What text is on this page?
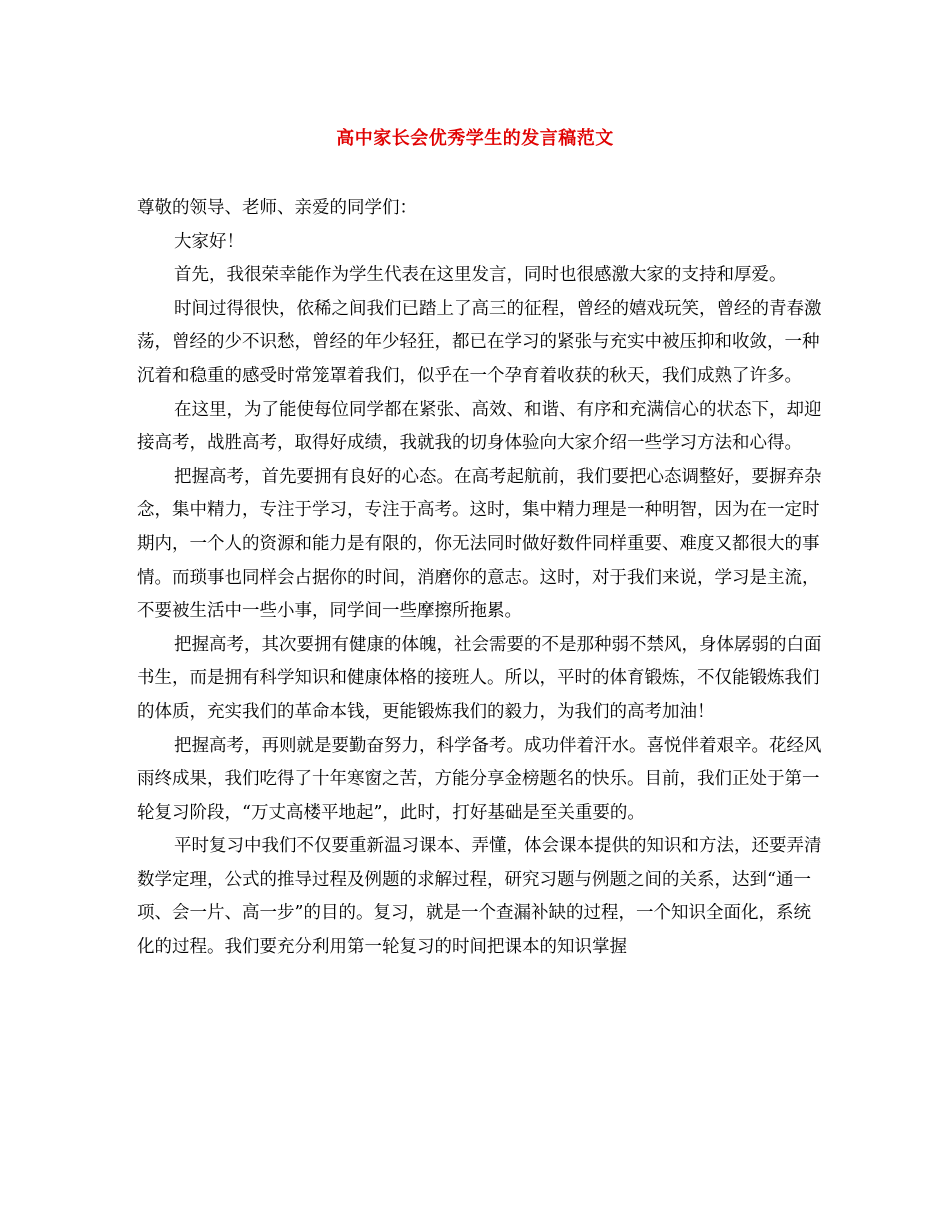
高中家长会优秀学生的发言稿范文

尊敬的领导、老师、亲爱的同学们：

大家好！

首先，我很荣幸能作为学生代表在这里发言，同时也很感激大家的支持和厚爱。

时间过得很快，依稀之间我们已踏上了高三的征程，曾经的嬉戏玩笑，曾经的青春激荡，曾经的少不识愁，曾经的年少轻狂，都已在学习的紧张与充实中被压抑和收敛，一种沉着和稳重的感受时常笼罩着我们，似乎在一个孕育着收获的秋天，我们成熟了许多。

在这里，为了能使每位同学都在紧张、高效、和谐、有序和充满信心的状态下，却迎接高考，战胜高考，取得好成绩，我就我的切身体验向大家介绍一些学习方法和心得。

把握高考，首先要拥有良好的心态。在高考起航前，我们要把心态调整好，要摒弃杂念，集中精力，专注于学习，专注于高考。这时，集中精力理是一种明智，因为在一定时期内，一个人的资源和能力是有限的，你无法同时做好数件同样重要、难度又都很大的事情。而琐事也同样会占据你的时间，消磨你的意志。这时，对于我们来说，学习是主流，不要被生活中一些小事，同学间一些摩擦所拖累。

把握高考，其次要拥有健康的体魄，社会需要的不是那种弱不禁风，身体孱弱的白面书生，而是拥有科学知识和健康体格的接班人。所以，平时的体育锻炼，不仅能锻炼我们的体质，充实我们的革命本钱，更能锻炼我们的毅力，为我们的高考加油！

把握高考，再则就是要勤奋努力，科学备考。成功伴着汗水。喜悦伴着艰辛。花经风雨终成果，我们吃得了十年寒窗之苦，方能分享金榜题名的快乐。目前，我们正处于第一轮复习阶段，“万丈高楼平地起”，此时，打好基础是至关重要的。

平时复习中我们不仅要重新温习课本、弄懂，体会课本提供的知识和方法，还要弄清数学定理，公式的推导过程及例题的求解过程，研究习题与例题之间的关系，达到“通一项、会一片、高一步”的目的。复习，就是一个查漏补缺的过程，一个知识全面化，系统化的过程。我们要充分利用第一轮复习的时间把课本的知识掌握
